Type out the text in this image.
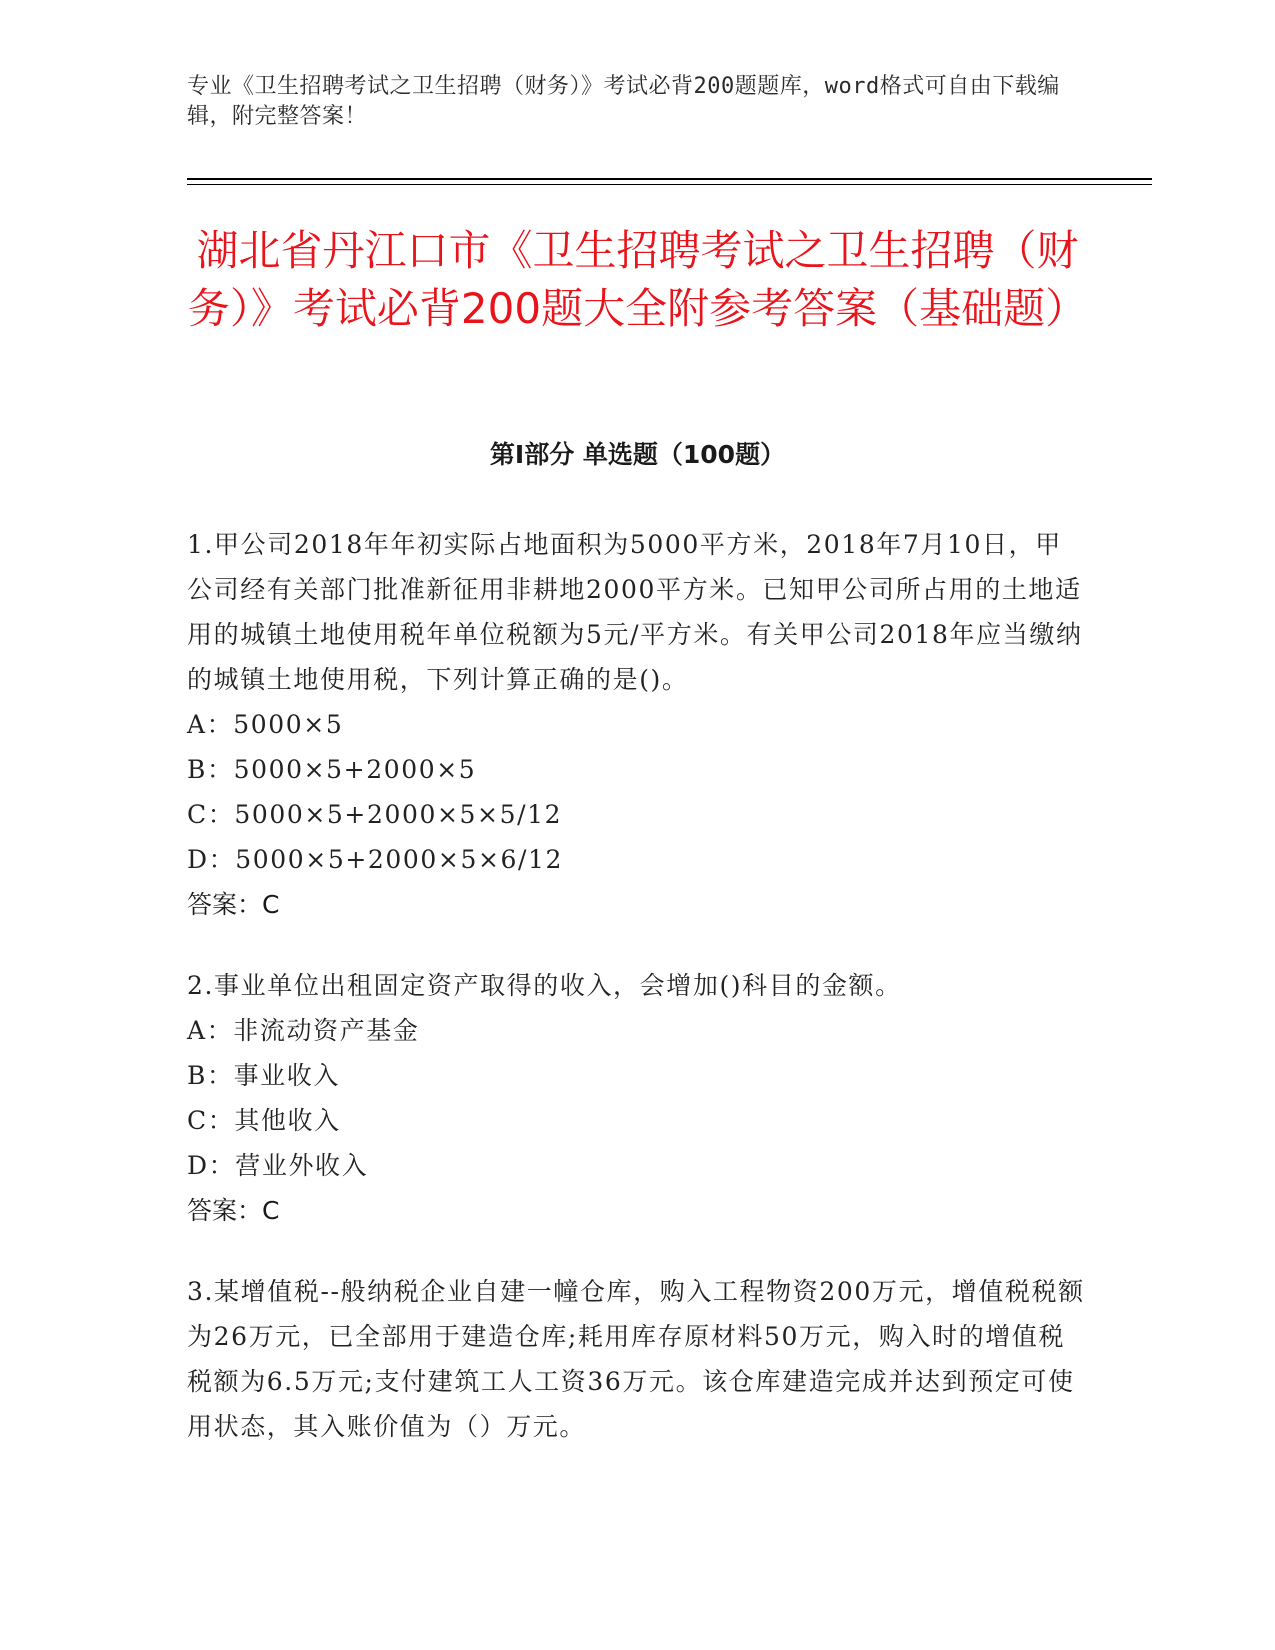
专业《卫生招聘考试之卫生招聘（财务）》考试必背200题题库，word格式可自由下载编辑，附完整答案！
湖北省丹江口市《卫生招聘考试之卫生招聘（财务）》考试必背200题大全附参考答案（基础题）
第I部分 单选题（100题）

1.甲公司2018年年初实际占地面积为5000平方米，2018年7月10日，甲公司经有关部门批准新征用非耕地2000平方米。已知甲公司所占用的土地适用的城镇土地使用税年单位税额为5元/平方米。有关甲公司2018年应当缴纳的城镇土地使用税，下列计算正确的是()。

A：5000×5

B：5000×5+2000×5

C：5000×5+2000×5×5/12

D：5000×5+2000×5×6/12

答案：C

2.事业单位出租固定资产取得的收入，会增加()科目的金额。

A：非流动资产基金

B：事业收入

C：其他收入

D：营业外收入

答案：C

3.某增值税--般纳税企业自建一幢仓库，购入工程物资200万元，增值税税额为26万元，已全部用于建造仓库;耗用库存原材料50万元，购入时的增值税税额为6.5万元;支付建筑工人工资36万元。该仓库建造完成并达到预定可使用状态，其入账价值为（）万元。
